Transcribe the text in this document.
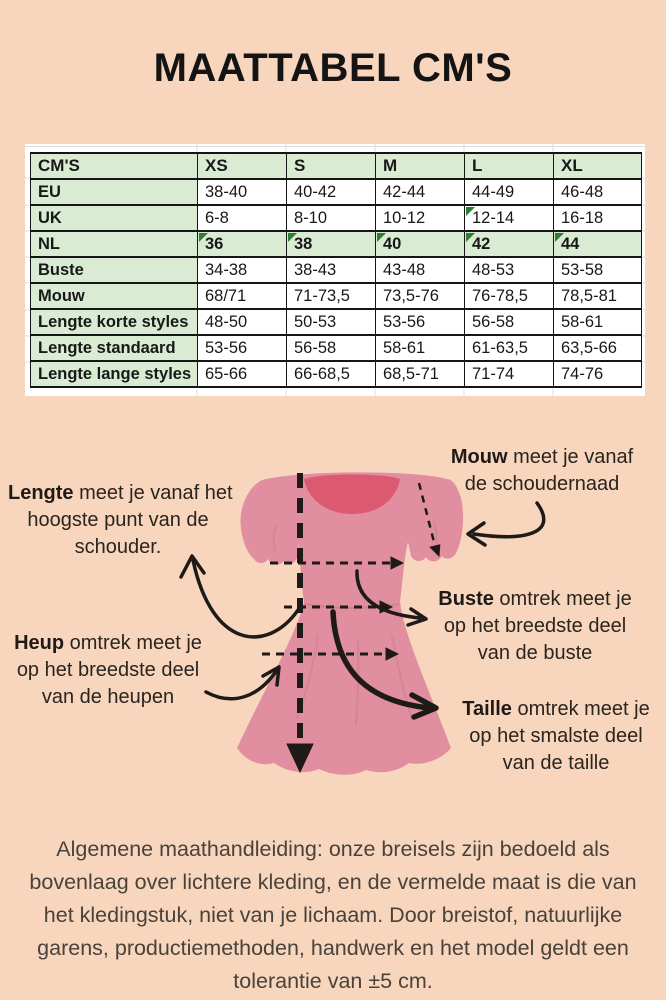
MAATTABEL CM'S
CM'S	XS	S	M	L	XL
EU	38-40	40-42	42-44	44-49	46-48
UK	6-8	8-10	10-12	12-14	16-18
NL	36	38	40	42	44

Buste	34-38	38-43	43-48	48-53	53-58
Mouw	68/71	71-73,5	73,5-76	76-78,5	78,5-81
Lengte korte styles	48-50	50-53	53-56	56-58	58-61
Lengte standaard	53-56	56-58	58-61	61-63,5	63,5-66
Lengte lange styles	65-66	66-68,5	68,5-71	71-74	74-76
Lengte meet je vanaf het
hoogste punt van de
schouder.
Mouw meet je vanaf
de schoudernaad
Buste omtrek meet je
op het breedste deel
van de buste
Heup omtrek meet je
op het breedste deel
van de heupen
Taille omtrek meet je
op het smalste deel
van de taille
Algemene maathandleiding: onze breisels zijn bedoeld als
bovenlaag over lichtere kleding, en de vermelde maat is die van
het kledingstuk, niet van je lichaam. Door breistof, natuurlijke
garens, productiemethoden, handwerk en het model geldt een
tolerantie van ±5 cm.
